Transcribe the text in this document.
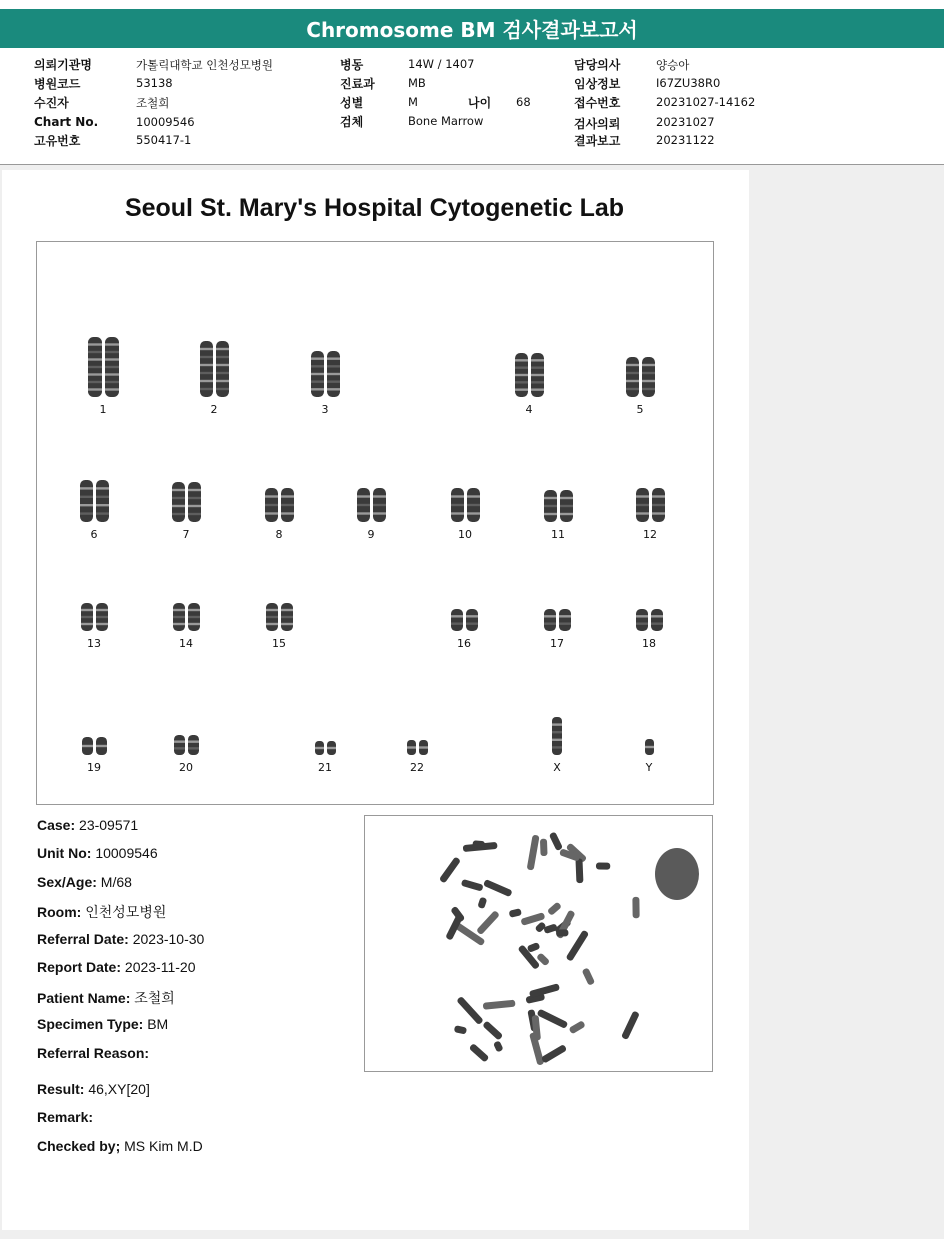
Chromosome BM 검사결과보고서
의뢰기관명	가톨릭대학교 인천성모병원
병원코드	53138
수진자	조철희
Chart No.	10009546
고유번호	550417-1
병동	14W / 1407
진료과	MB
성별	M	나이 68
검체	Bone Marrow
담당의사	양승아
임상정보	I67ZU38R0
접수번호	20231027-14162
검사의뢰	20231027
결과보고	20231122
Seoul St. Mary's Hospital Cytogenetic Lab
1	2	3	4	5
6	7	8	9	10	11	12
13	14	15	16	17	18
19	20	21	22	X	Y
Case: 23-09571
Unit No: 10009546
Sex/Age: M/68
Room: 인천성모병원
Referral Date: 2023-10-30
Report Date: 2023-11-20
Patient Name: 조철희
Specimen Type: BM
Referral Reason:
Result: 46,XY[20]
Remark:
Checked by; MS Kim M.D
